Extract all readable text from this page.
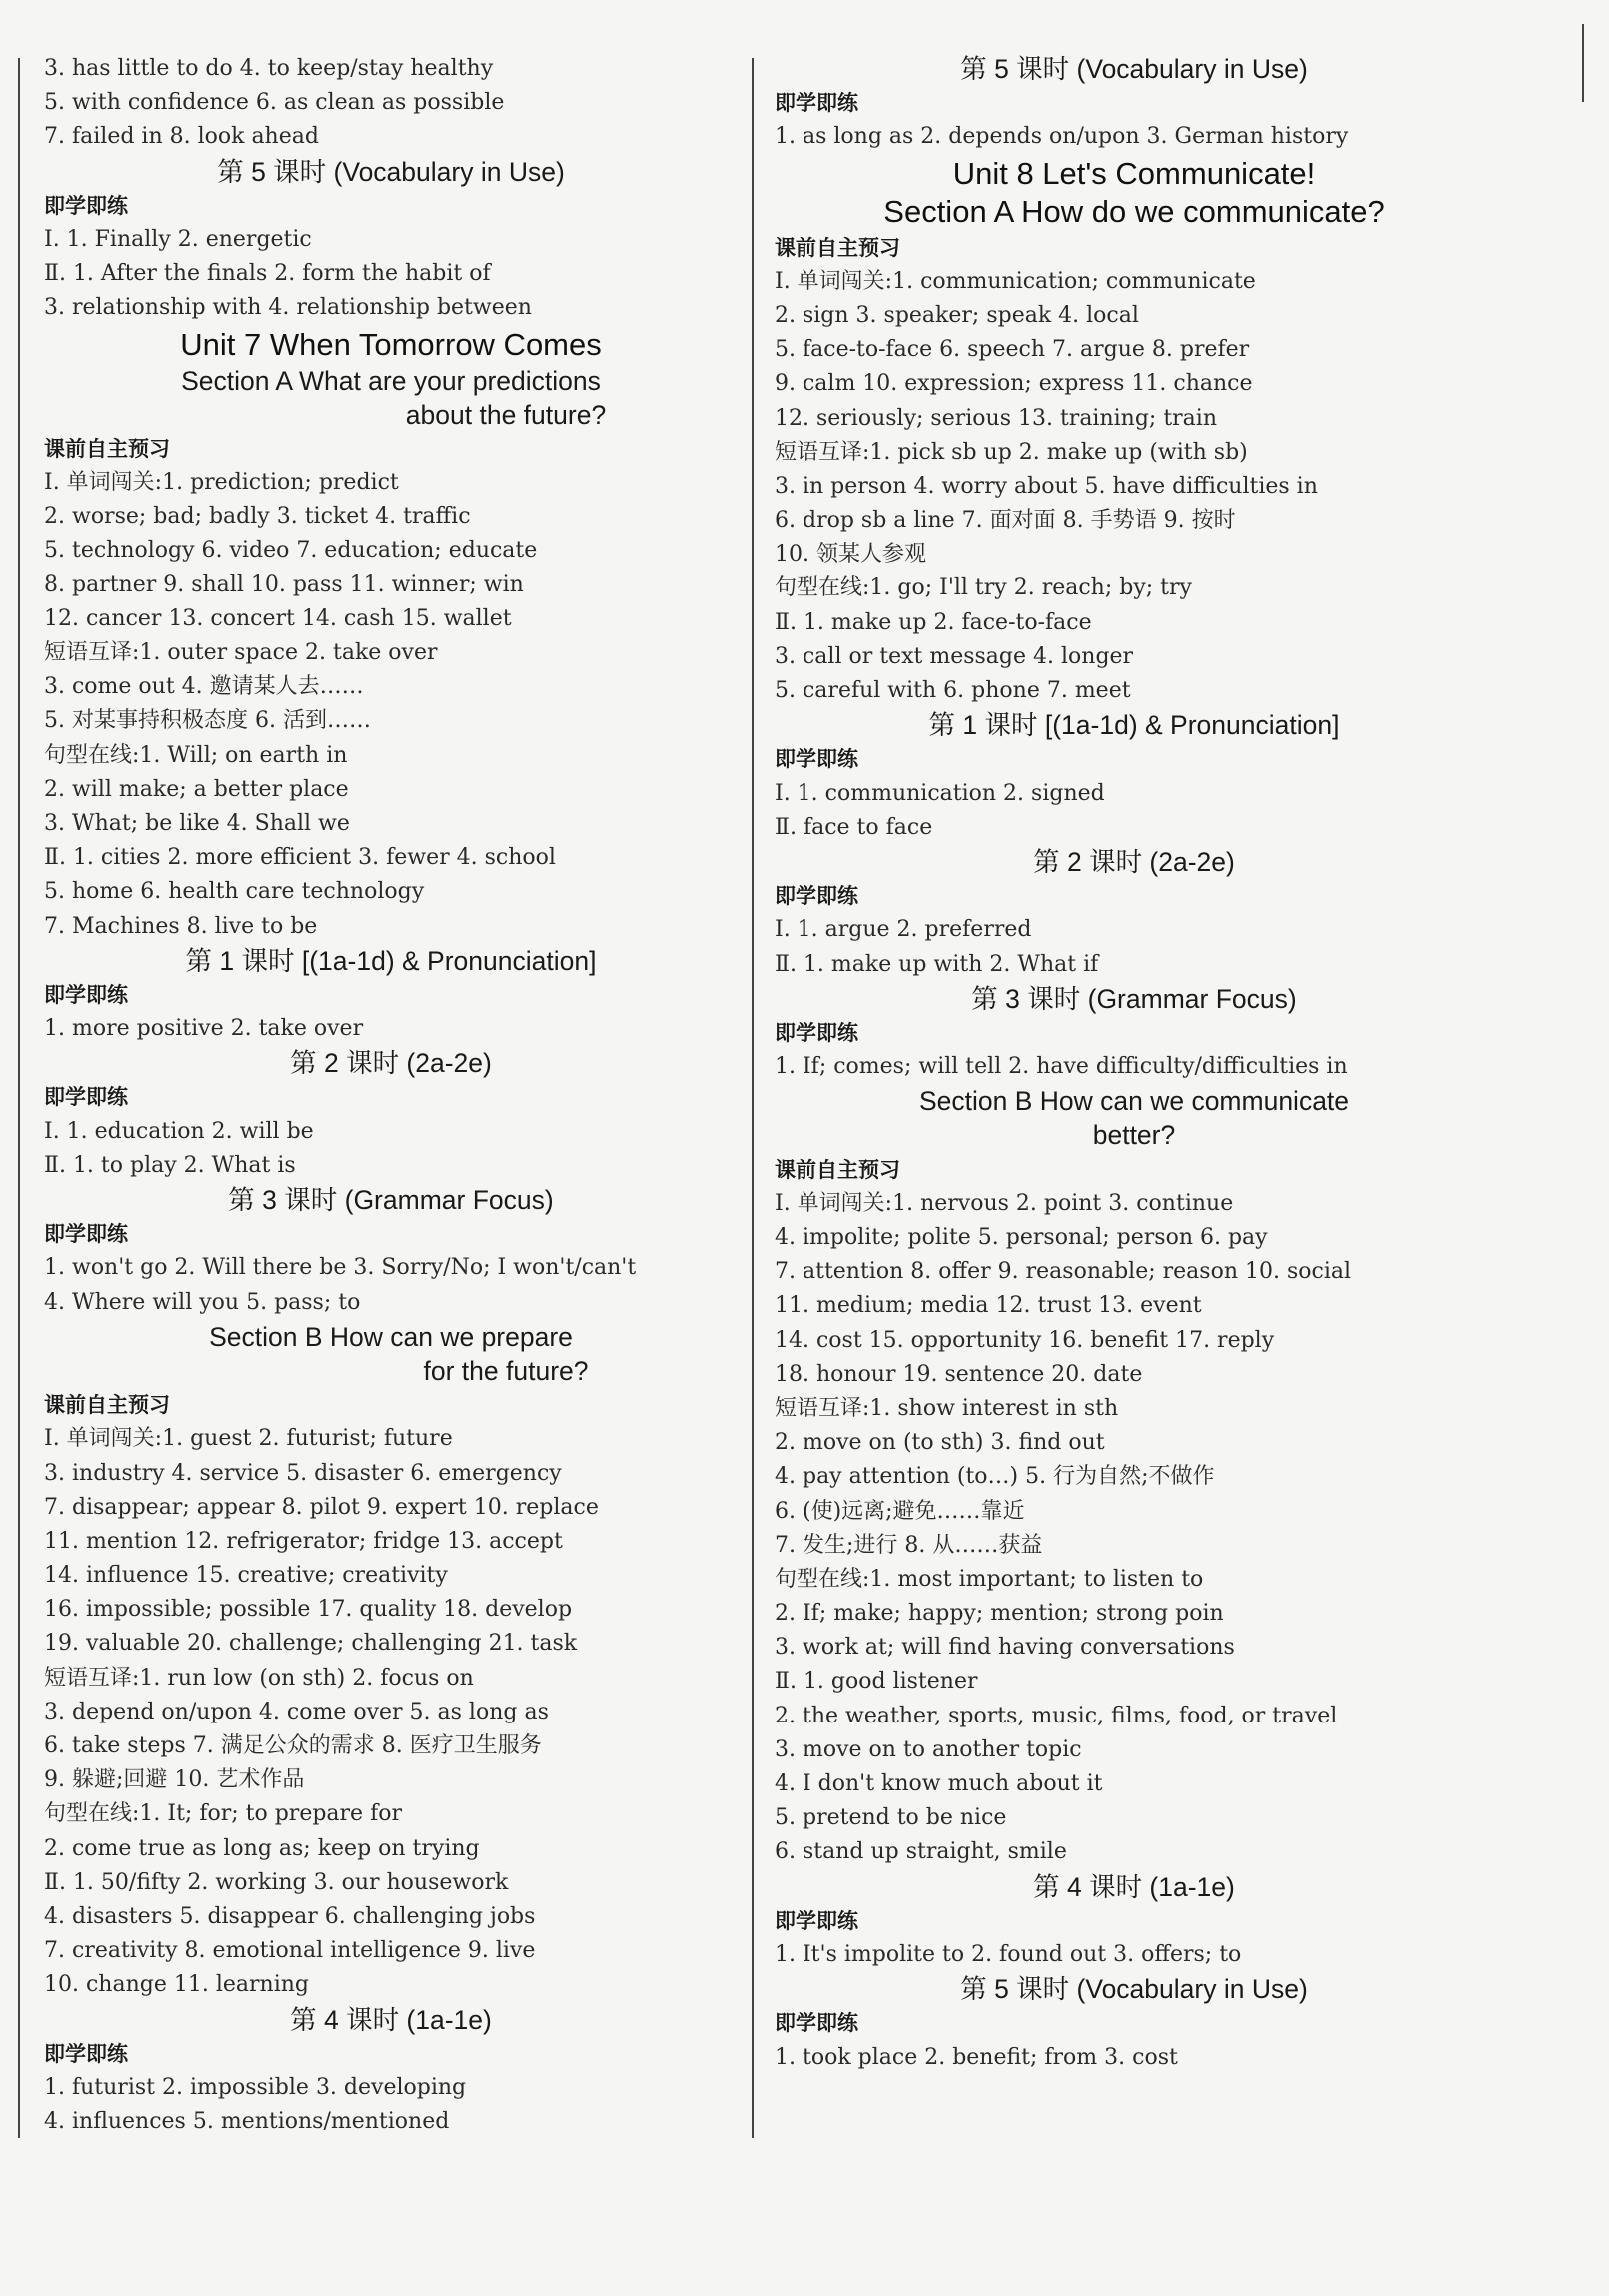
3. has little to do 4. to keep/stay healthy
5. with confidence 6. as clean as possible
7. failed in 8. look ahead
第 5 课时 (Vocabulary in Use)
即学即练
Ⅰ. 1. Finally 2. energetic
Ⅱ. 1. After the finals 2. form the habit of
3. relationship with 4. relationship between
Unit 7 When Tomorrow Comes
Section A What are your predictions
about the future?
课前自主预习
Ⅰ. 单词闯关:1. prediction; predict
2. worse; bad; badly 3. ticket 4. traffic
5. technology 6. video 7. education; educate
8. partner 9. shall 10. pass 11. winner; win
12. cancer 13. concert 14. cash 15. wallet
短语互译:1. outer space 2. take over
3. come out 4. 邀请某人去……
5. 对某事持积极态度 6. 活到……
句型在线:1. Will; on earth in
2. will make; a better place
3. What; be like 4. Shall we
Ⅱ. 1. cities 2. more efficient 3. fewer 4. school
5. home 6. health care technology
7. Machines 8. live to be
第 1 课时 [(1a-1d) & Pronunciation]
即学即练
1. more positive 2. take over
第 2 课时 (2a-2e)
即学即练
Ⅰ. 1. education 2. will be
Ⅱ. 1. to play 2. What is
第 3 课时 (Grammar Focus)
即学即练
1. won't go 2. Will there be 3. Sorry/No; I won't/can't
4. Where will you 5. pass; to
Section B How can we prepare
for the future?
课前自主预习
Ⅰ. 单词闯关:1. guest 2. futurist; future
3. industry 4. service 5. disaster 6. emergency
7. disappear; appear 8. pilot 9. expert 10. replace
11. mention 12. refrigerator; fridge 13. accept
14. influence 15. creative; creativity
16. impossible; possible 17. quality 18. develop
19. valuable 20. challenge; challenging 21. task
短语互译:1. run low (on sth) 2. focus on
3. depend on/upon 4. come over 5. as long as
6. take steps 7. 满足公众的需求 8. 医疗卫生服务
9. 躲避;回避 10. 艺术作品
句型在线:1. It; for; to prepare for
2. come true as long as; keep on trying
Ⅱ. 1. 50/fifty 2. working 3. our housework
4. disasters 5. disappear 6. challenging jobs
7. creativity 8. emotional intelligence 9. live
10. change 11. learning
第 4 课时 (1a-1e)
即学即练
1. futurist 2. impossible 3. developing
4. influences 5. mentions/mentioned
第 5 课时 (Vocabulary in Use)
即学即练
1. as long as 2. depends on/upon 3. German history
Unit 8 Let's Communicate!
Section A How do we communicate?
课前自主预习
Ⅰ. 单词闯关:1. communication; communicate
2. sign 3. speaker; speak 4. local
5. face-to-face 6. speech 7. argue 8. prefer
9. calm 10. expression; express 11. chance
12. seriously; serious 13. training; train
短语互译:1. pick sb up 2. make up (with sb)
3. in person 4. worry about 5. have difficulties in
6. drop sb a line 7. 面对面 8. 手势语 9. 按时
10. 领某人参观
句型在线:1. go; I'll try 2. reach; by; try
Ⅱ. 1. make up 2. face-to-face
3. call or text message 4. longer
5. careful with 6. phone 7. meet
第 1 课时 [(1a-1d) & Pronunciation]
即学即练
Ⅰ. 1. communication 2. signed
Ⅱ. face to face
第 2 课时 (2a-2e)
即学即练
Ⅰ. 1. argue 2. preferred
Ⅱ. 1. make up with 2. What if
第 3 课时 (Grammar Focus)
即学即练
1. If; comes; will tell 2. have difficulty/difficulties in
Section B How can we communicate
better?
课前自主预习
Ⅰ. 单词闯关:1. nervous 2. point 3. continue
4. impolite; polite 5. personal; person 6. pay
7. attention 8. offer 9. reasonable; reason 10. social
11. medium; media 12. trust 13. event
14. cost 15. opportunity 16. benefit 17. reply
18. honour 19. sentence 20. date
短语互译:1. show interest in sth
2. move on (to sth) 3. find out
4. pay attention (to…) 5. 行为自然;不做作
6. (使)远离;避免……靠近
7. 发生;进行 8. 从……获益
句型在线:1. most important; to listen to
2. If; make; happy; mention; strong poin
3. work at; will find having conversations
Ⅱ. 1. good listener
2. the weather, sports, music, films, food, or travel
3. move on to another topic
4. I don't know much about it
5. pretend to be nice
6. stand up straight, smile
第 4 课时 (1a-1e)
即学即练
1. It's impolite to 2. found out 3. offers; to
第 5 课时 (Vocabulary in Use)
即学即练
1. took place 2. benefit; from 3. cost
